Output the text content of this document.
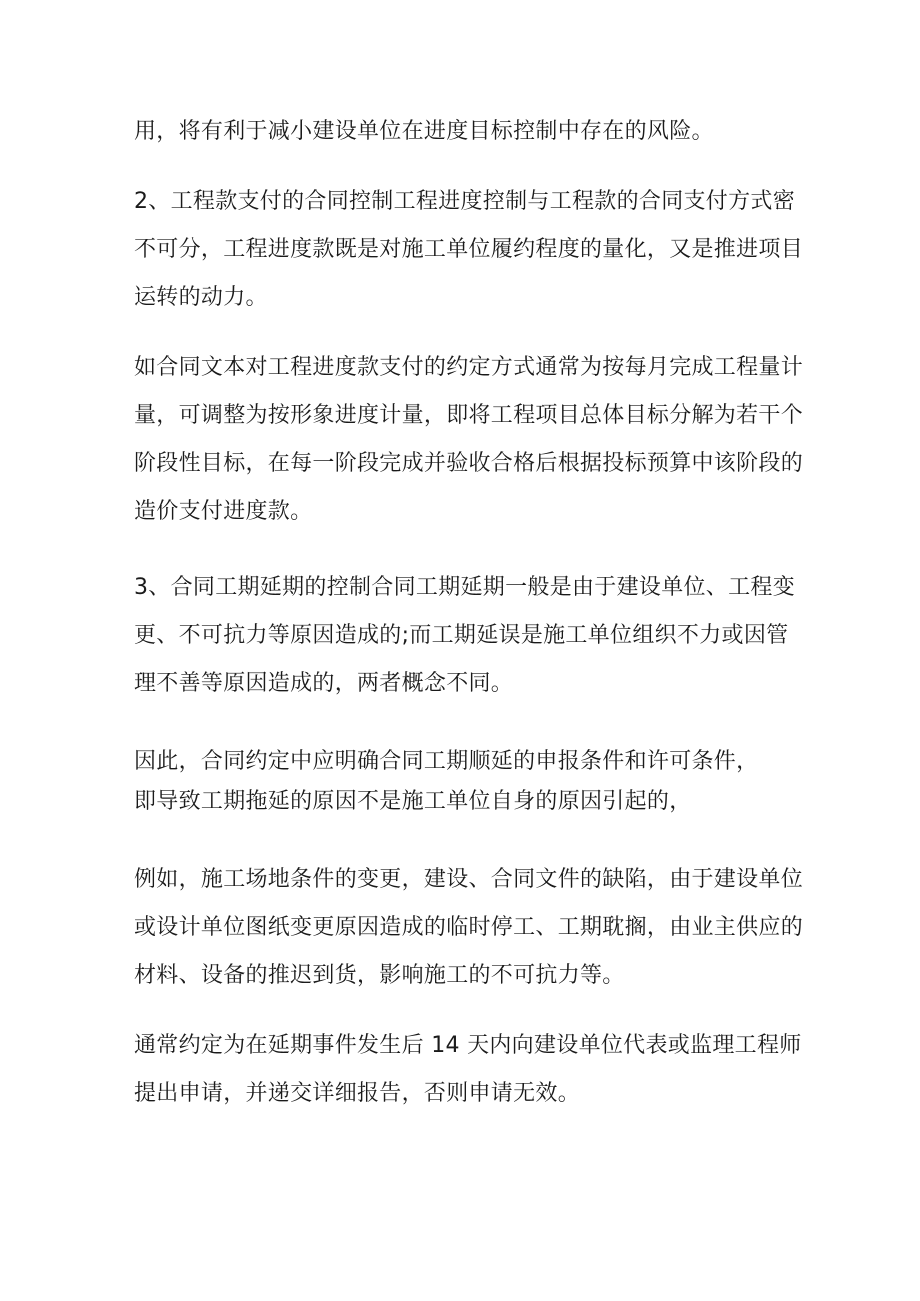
用，将有利于减小建设单位在进度目标控制中存在的风险。
2、工程款支付的合同控制工程进度控制与工程款的合同支付方式密
不可分，工程进度款既是对施工单位履约程度的量化，又是推进项目
运转的动力。
如合同文本对工程进度款支付的约定方式通常为按每月完成工程量计
量，可调整为按形象进度计量，即将工程项目总体目标分解为若干个
阶段性目标，在每一阶段完成并验收合格后根据投标预算中该阶段的
造价支付进度款。
3、合同工期延期的控制合同工期延期一般是由于建设单位、工程变
更、不可抗力等原因造成的;而工期延误是施工单位组织不力或因管
理不善等原因造成的，两者概念不同。
因此，合同约定中应明确合同工期顺延的申报条件和许可条件，
即导致工期拖延的原因不是施工单位自身的原因引起的，
例如，施工场地条件的变更，建设、合同文件的缺陷，由于建设单位
或设计单位图纸变更原因造成的临时停工、工期耽搁，由业主供应的
材料、设备的推迟到货，影响施工的不可抗力等。
通常约定为在延期事件发生后 14 天内向建设单位代表或监理工程师
提出申请，并递交详细报告，否则申请无效。
